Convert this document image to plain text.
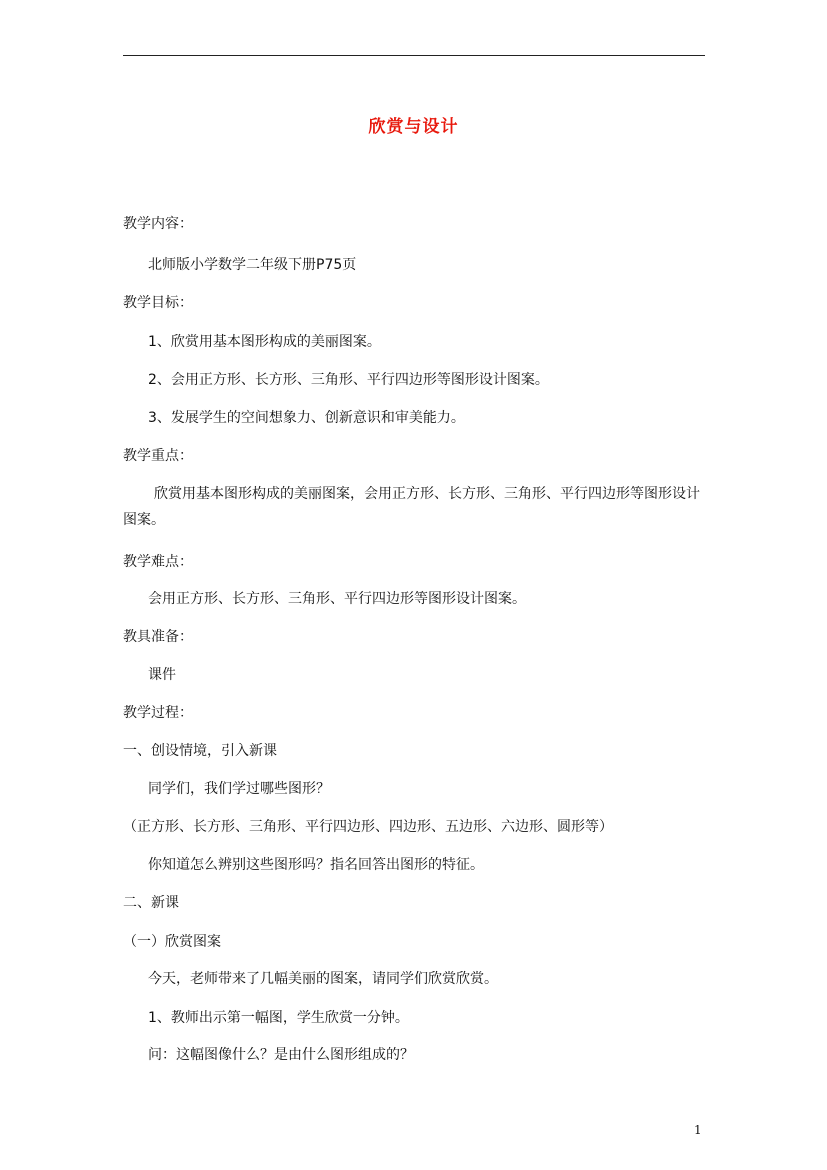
欣赏与设计
教学内容：
北师版小学数学二年级下册P75页
教学目标：
1、欣赏用基本图形构成的美丽图案。
2、会用正方形、长方形、三角形、平行四边形等图形设计图案。
3、发展学生的空间想象力、创新意识和审美能力。
教学重点：
欣赏用基本图形构成的美丽图案，会用正方形、长方形、三角形、平行四边形等图形设计图案。
教学难点：
会用正方形、长方形、三角形、平行四边形等图形设计图案。
教具准备：
课件
教学过程：
一、创设情境，引入新课
同学们，我们学过哪些图形？
（正方形、长方形、三角形、平行四边形、四边形、五边形、六边形、圆形等）
你知道怎么辨别这些图形吗？指名回答出图形的特征。
二、新课
（一）欣赏图案
今天，老师带来了几幅美丽的图案，请同学们欣赏欣赏。
1、教师出示第一幅图，学生欣赏一分钟。
问：这幅图像什么？是由什么图形组成的？
1
